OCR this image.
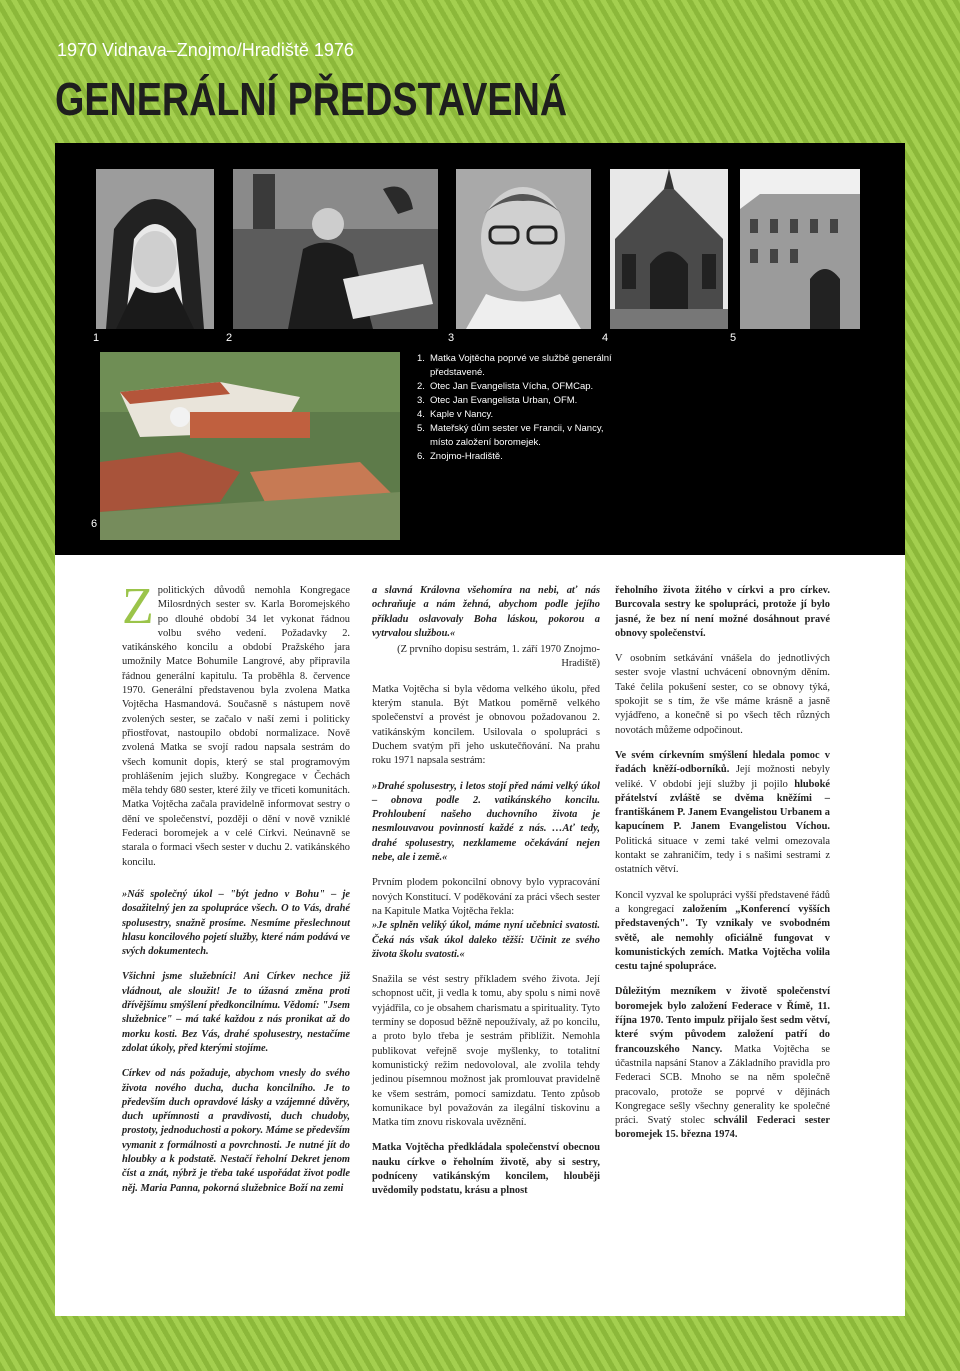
1970 Vidnava–Znojmo/Hradiště 1976
GENERÁLNÍ PŘEDSTAVENÁ
1	2	3	4	5
6
1. Matka Vojtěcha poprvé ve službě generální představené.
2. Otec Jan Evangelista Vícha, OFMCap.
3. Otec Jan Evangelista Urban, OFM.
4. Kaple v Nancy.
5. Mateřský dům sester ve Francii, v Nancy, místo založení boromejek.
6. Znojmo-Hradiště.

Zpolitických důvodů nemohla Kongregace Milosrdných sester sv. Karla Boromejského po dlouhé období 34 let vykonat řádnou volbu svého vedení. Požadavky 2. vatikánského koncilu a období Pražského jara umožnily Matce Bohumile Langrové, aby připravila řádnou generální kapitulu. Ta proběhla 8. července 1970. Generální představenou byla zvolena Matka Vojtěcha Hasmandová. Současně s nástupem nově zvolených sester, se začalo v naší zemi i politicky přiostřovat, nastoupilo období normalizace. Nově zvolená Matka se svojí radou napsala sestrám do všech komunit dopis, který se stal programovým prohlášením jejich služby. Kongregace v Čechách měla tehdy 680 sester, které žily ve třiceti komunitách. Matka Vojtěcha začala pravidelně informovat sestry o dění ve společenství, později o dění v nově vzniklé Federaci boromejek a v celé Církvi. Neúnavně se starala o formaci všech sester v duchu 2. vatikánského koncilu.

»Náš společný úkol – "být jedno v Bohu" – je dosažitelný jen za spolupráce všech. O to Vás, drahé spolusestry, snažně prosíme. Nesmíme přeslechnout hlasu koncilového pojetí služby, které nám podává ve svých dokumentech.

Všichni jsme služebníci! Ani Církev nechce již vládnout, ale sloužit! Je to úžasná změna proti dřívějšímu smýšlení předkoncilnímu. Vědomí: "Jsem služebnice" – má také každou z nás pronikat až do morku kosti. Bez Vás, drahé spolusestry, nestačíme zdolat úkoly, před kterými stojíme.

Církev od nás požaduje, abychom vnesly do svého života nového ducha, ducha koncilního. Je to především duch opravdové lásky a vzájemné důvěry, duch upřímnosti a pravdivosti, duch chudoby, prostoty, jednoduchosti a pokory. Máme se především vymanit z formálnosti a povrchnosti. Je nutné jít do hloubky a k podstatě. Nestačí řeholní Dekret jenom číst a znát, nýbrž je třeba také uspořádat život podle něj. Maria Panna, pokorná služebnice Boží na zemi

a slavná Královna všehomíra na nebi, ať nás ochraňuje a nám žehná, abychom podle jejího příkladu oslavovaly Boha láskou, pokorou a vytrvalou službou.«

(Z prvního dopisu sestrám, 1. září 1970 Znojmo-Hradiště)

Matka Vojtěcha si byla vědoma velkého úkolu, před kterým stanula. Být Matkou poměrně velkého společenství a provést je obnovou požadovanou 2. vatikánským koncilem. Usilovala o spolupráci s Duchem svatým při jeho uskutečňování. Na prahu roku 1971 napsala sestrám:

»Drahé spolusestry, i letos stojí před námi velký úkol – obnova podle 2. vatikánského koncilu. Prohloubení našeho duchovního života je nesmlouvavou povinností každé z nás. …Ať tedy, drahé spolusestry, nezklameme očekávání nejen nebe, ale i země.«

Prvním plodem pokoncilní obnovy bylo vypracování nových Konstitucí. V poděkování za práci všech sester na Kapitule Matka Vojtěcha řekla:

»Je splněn veliký úkol, máme nyní učebnici svatosti. Čeká nás však úkol daleko těžší: Učinit ze svého života školu svatosti.«

Snažila se vést sestry příkladem svého života. Její schopnost učit, ji vedla k tomu, aby spolu s nimi nově vyjádřila, co je obsahem charismatu a spirituality. Tyto termíny se doposud běžně nepoužívaly, až po koncilu, a proto bylo třeba je sestrám přiblížit. Nemohla publikovat veřejně svoje myšlenky, to totalitní komunistický režim nedovoloval, ale zvolila tehdy jedinou písemnou možnost jak promlouvat pravidelně ke všem sestrám, pomocí samizdatu. Tento způsob komunikace byl považován za ilegální tiskovinu a Matka tím znovu riskovala uvěznění.

Matka Vojtěcha předkládala společenství obecnou nauku církve o řeholním životě, aby si sestry, podníceny vatikánským koncilem, hlouběji uvědomily podstatu, krásu a plnost

řeholního života žitého v církvi a pro církev. Burcovala sestry ke spolupráci, protože jí bylo jasné, že bez ní není možné dosáhnout pravé obnovy společenství.

V osobním setkávání vnášela do jednotlivých sester svoje vlastní uchvácení obnovným děním. Také čelila pokušení sester, co se obnovy týká, spokojit se s tím, že vše máme krásně a jasně vyjádřeno, a konečně si po všech těch různých novotách můžeme odpočinout.

Ve svém církevním smýšlení hledala pomoc v řadách kněží-odborníků. Její možnosti nebyly veliké. V období její služby ji pojilo hluboké přátelství zvláště se dvěma kněžími – františkánem P. Janem Evangelistou Urbanem a kapucínem P. Janem Evangelistou Víchou. Politická situace v zemi také velmi omezovala kontakt se zahraničím, tedy i s našimi sestrami z ostatních větví.

Koncil vyzval ke spolupráci vyšší představené řádů a kongregací založením „Konferencí vyšších představených". Ty vznikaly ve svobodném světě, ale nemohly oficiálně fungovat v komunistických zemích. Matka Vojtěcha volila cestu tajné spolupráce.

Důležitým mezníkem v životě společenství boromejek bylo založení Federace v Římě, 11. října 1970. Tento impulz přijalo šest sedm větví, které svým původem založení patří do francouzského Nancy. Matka Vojtěcha se účastnila napsání Stanov a Základního pravidla pro Federaci SCB. Mnoho se na něm společně pracovalo, protože se poprvé v dějinách Kongregace sešly všechny generality ke společné práci. Svatý stolec schválil Federaci sester boromejek 15. března 1974.
